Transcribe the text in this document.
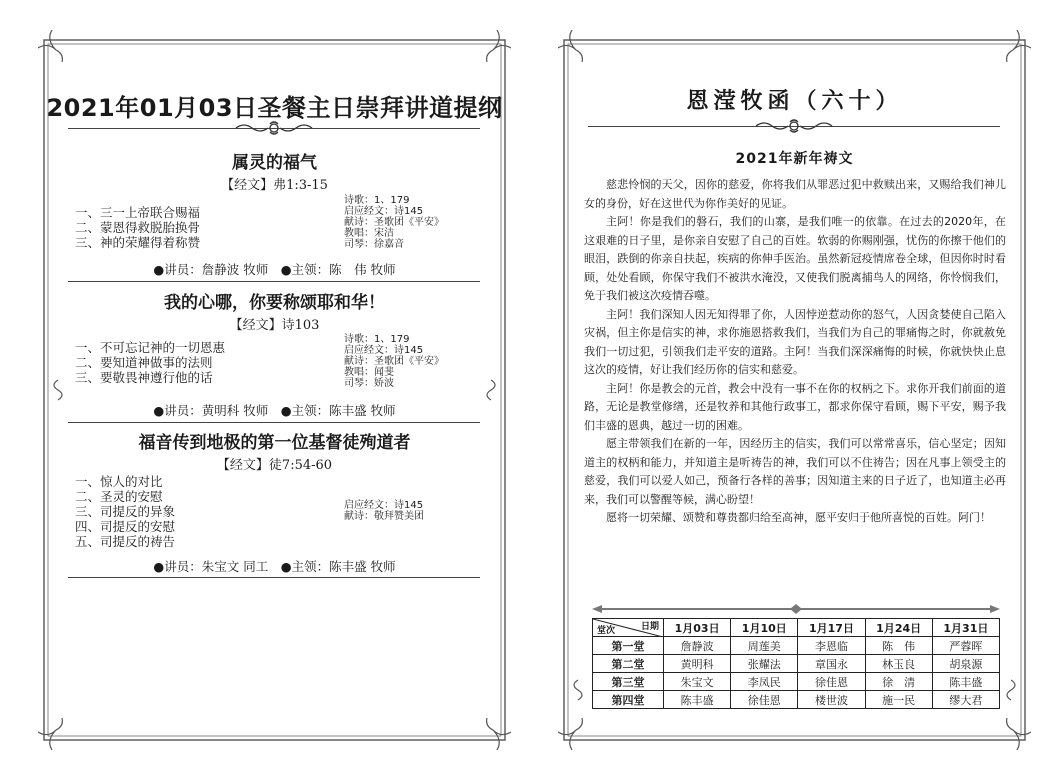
2021年01月03日圣餐主日崇拜讲道提纲
属灵的福气
【经文】弗1:3-15
一、三一上帝联合赐福
二、蒙恩得救脱胎换骨
三、神的荣耀得着称赞
诗歌：1、179
启应经文：诗145
献诗：圣歌团《平安》
教唱：宋洁
司琴：徐嘉音
●讲员：詹静波 牧师　●主领：陈　伟 牧师
我的心哪，你要称颂耶和华！
【经文】诗103
一、不可忘记神的一切恩惠
二、要知道神做事的法则
三、要敬畏神遵行他的话
诗歌：1、179
启应经文：诗145
献诗：圣歌团《平安》
教唱：闻斐
司琴：娇波
●讲员：黄明科 牧师　●主领：陈丰盛 牧师
福音传到地极的第一位基督徒殉道者
【经文】徒7:54-60
一、惊人的对比
二、圣灵的安慰
三、司提反的异象
四、司提反的安慰
五、司提反的祷告
启应经文：诗145
献诗：敬拜赞美团
●讲员：朱宝文 同工　●主领：陈丰盛 牧师
恩滢牧函（六十）
2021年新年祷文

慈悲怜悯的天父，因你的慈爱，你将我们从罪恶过犯中救赎出来，又赐给我们神儿女的身份，好在这世代为你作美好的见证。

主阿！你是我们的磐石，我们的山寨，是我们唯一的依靠。在过去的2020年，在这艰难的日子里，是你亲自安慰了自己的百姓。软弱的你赐刚强，忧伤的你擦干他们的眼泪，跌倒的你亲自扶起，疾病的你伸手医治。虽然新冠疫情席卷全球，但因你时时看顾，处处看顾，你保守我们不被洪水淹没，又使我们脱离捕鸟人的网络，你怜悯我们，免于我们被这次疫情吞噬。

主阿！我们深知人因无知得罪了你，人因悖逆惹动你的怒气，人因贪婪使自己陷入灾祸，但主你是信实的神，求你施恩搭救我们，当我们为自己的罪痛悔之时，你就赦免我们一切过犯，引领我们走平安的道路。主阿！当我们深深痛悔的时候，你就快快止息这次的疫情，好让我们经历你的信实和慈爱。

主阿！你是教会的元首，教会中没有一事不在你的权柄之下。求你开我们前面的道路，无论是教堂修缮，还是牧养和其他行政事工，都求你保守看顾，赐下平安，赐予我们丰盛的恩典，越过一切的困难。

愿主带领我们在新的一年，因经历主的信实，我们可以常常喜乐，信心坚定；因知道主的权柄和能力，并知道主是听祷告的神，我们可以不住祷告；因在凡事上领受主的慈爱，我们可以爱人如己，预备行各样的善事；因知道主来的日子近了，也知道主必再来，我们可以警醒等候，满心盼望！

愿将一切荣耀、颂赞和尊贵都归给至高神，愿平安归于他所喜悦的百姓。阿门！

日期
堂次	1月03日	1月10日	1月17日	1月24日	1月31日
第一堂	詹静波	周莲美	李恩临	陈　伟	严蓉晖
第二堂	黄明科	张耀法	章国永	林玉良	胡泉源
第三堂	朱宝文	李凤民	徐佳恩	徐　清	陈丰盛
第四堂	陈丰盛	徐佳恩	楼世波	施一民	缪大君
